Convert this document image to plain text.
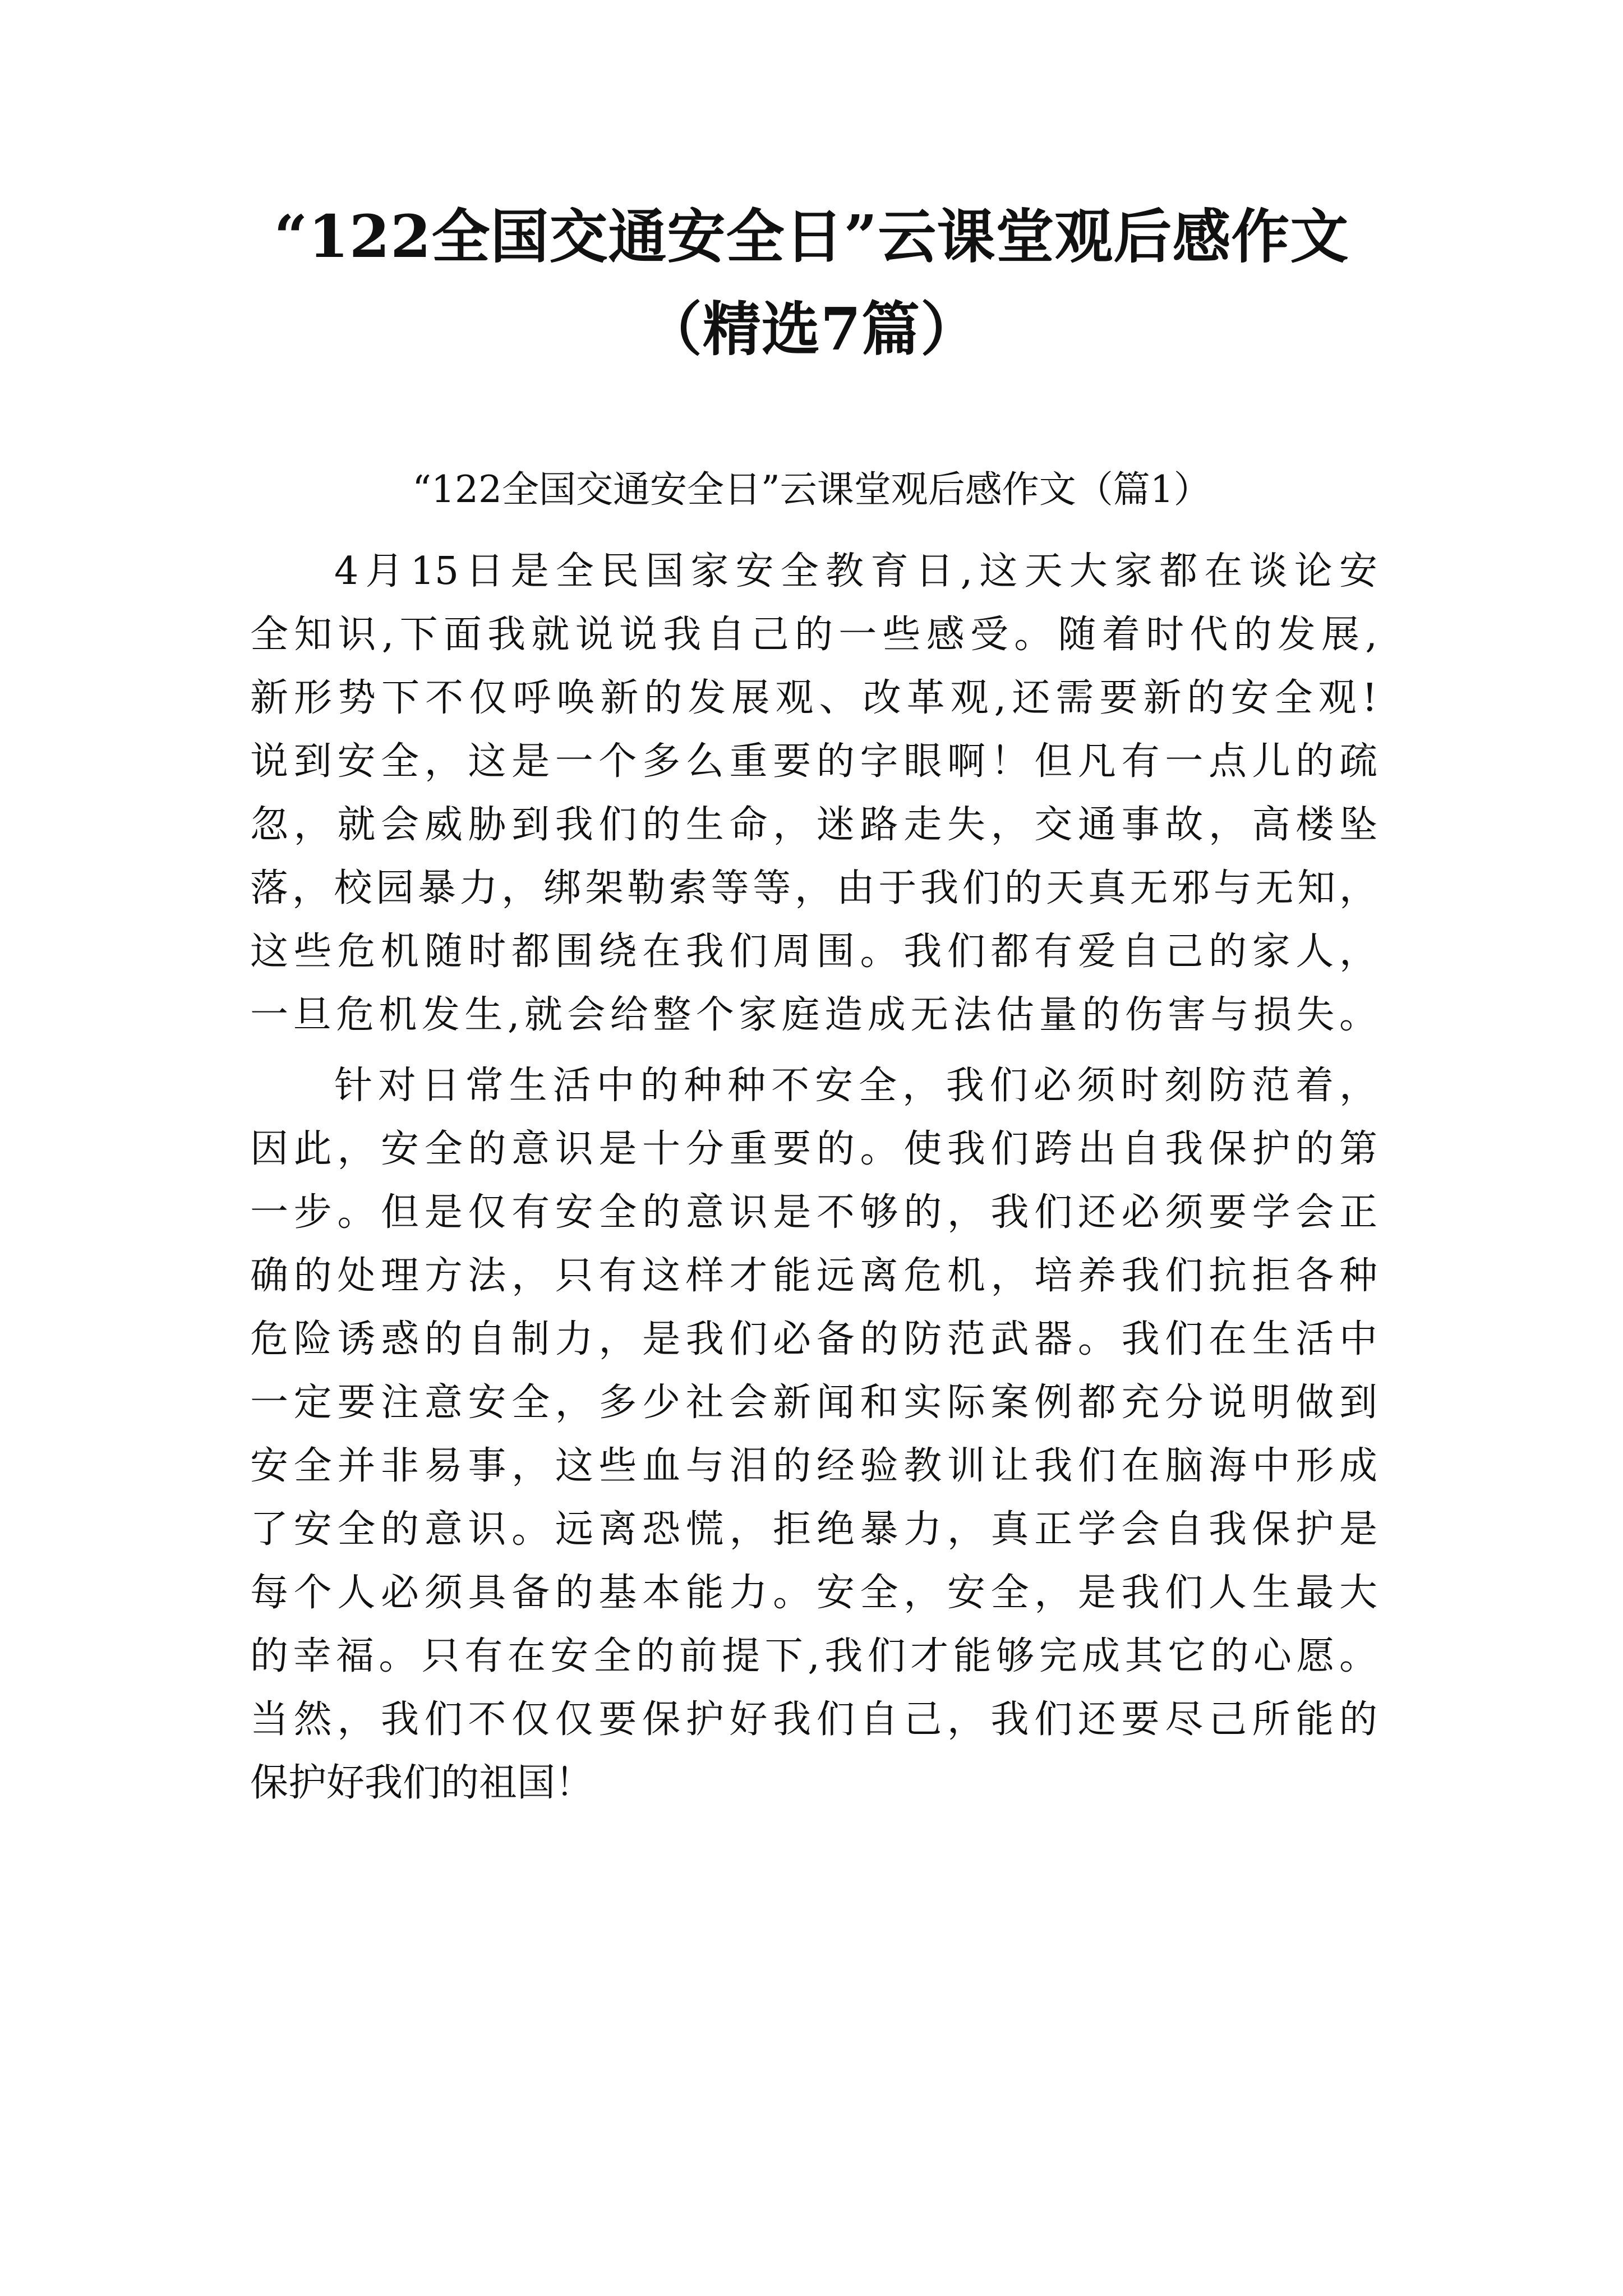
“122全国交通安全日”云课堂观后感作文
（精选7篇）
“122全国交通安全日”云课堂观后感作文（篇1）
4月15日是全民国家安全教育日,这天大家都在谈论安
全知识,下面我就说说我自己的一些感受。随着时代的发展,
新形势下不仅呼唤新的发展观、改革观,还需要新的安全观!
说到安全，这是一个多么重要的字眼啊！但凡有一点儿的疏
忽，就会威胁到我们的生命，迷路走失，交通事故，高楼坠
落，校园暴力，绑架勒索等等，由于我们的天真无邪与无知，
这些危机随时都围绕在我们周围。我们都有爱自己的家人，
一旦危机发生,就会给整个家庭造成无法估量的伤害与损失。
针对日常生活中的种种不安全，我们必须时刻防范着，
因此，安全的意识是十分重要的。使我们跨出自我保护的第
一步。但是仅有安全的意识是不够的，我们还必须要学会正
确的处理方法，只有这样才能远离危机，培养我们抗拒各种
危险诱惑的自制力，是我们必备的防范武器。我们在生活中
一定要注意安全，多少社会新闻和实际案例都充分说明做到
安全并非易事，这些血与泪的经验教训让我们在脑海中形成
了安全的意识。远离恐慌，拒绝暴力，真正学会自我保护是
每个人必须具备的基本能力。安全，安全，是我们人生最大
的幸福。只有在安全的前提下,我们才能够完成其它的心愿。
当然，我们不仅仅要保护好我们自己，我们还要尽己所能的
保护好我们的祖国！
